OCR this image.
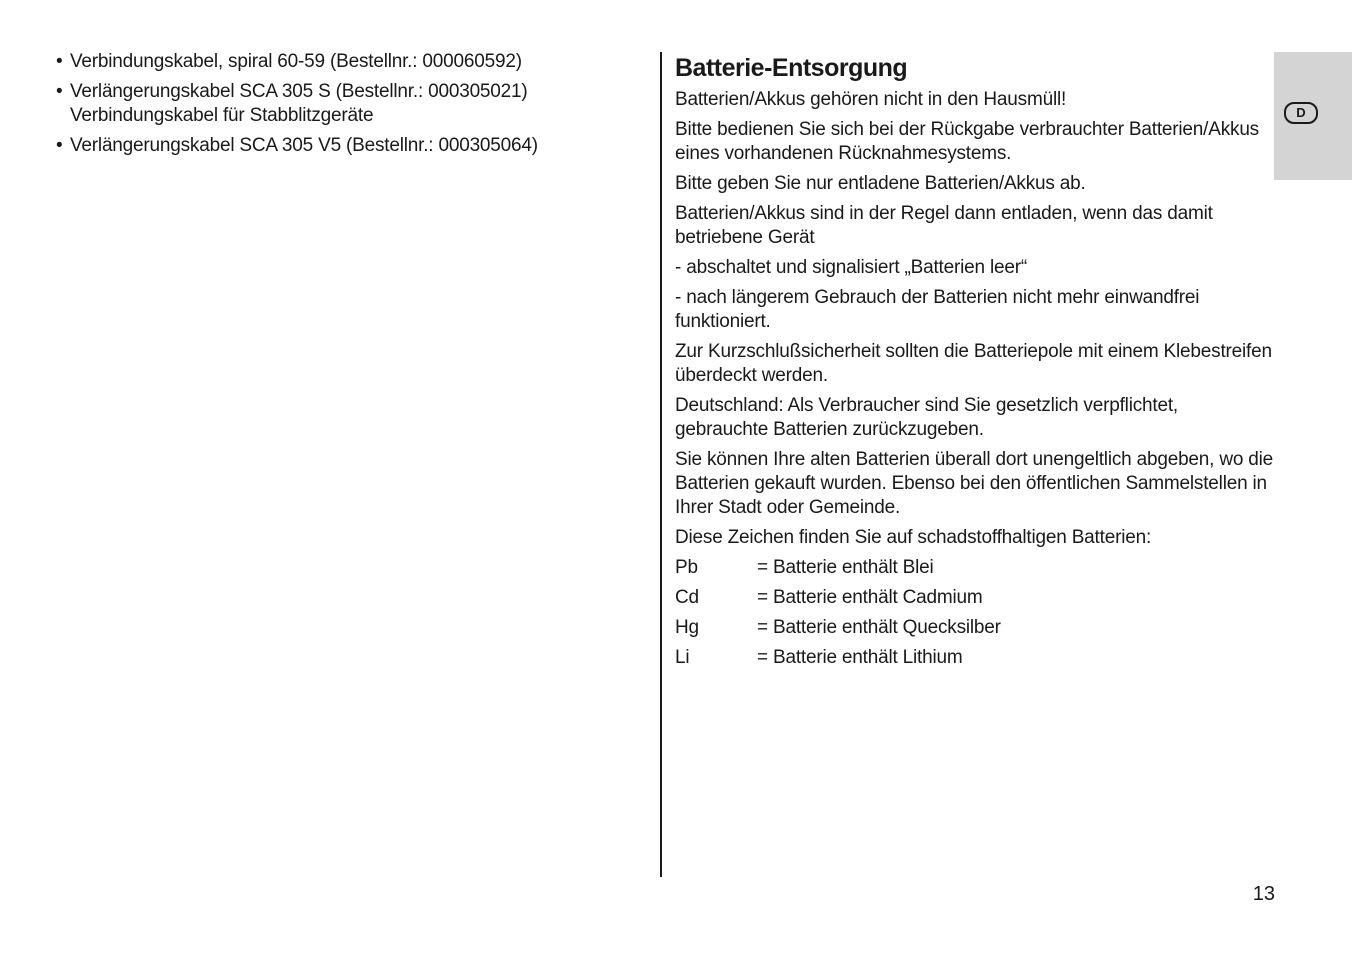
• Verbindungskabel, spiral 60-59 (Bestellnr.: 000060592)
• Verlängerungskabel SCA 305 S (Bestellnr.: 000305021)
Verbindungskabel für Stabblitzgeräte
• Verlängerungskabel SCA 305 V5 (Bestellnr.: 000305064)
Batterie-Entsorgung

Batterien/Akkus gehören nicht in den Hausmüll!

Bitte bedienen Sie sich bei der Rückgabe verbrauchter Batterien/Akkus eines vorhandenen Rücknahmesystems.

Bitte geben Sie nur entladene Batterien/Akkus ab.

Batterien/Akkus sind in der Regel dann entladen, wenn das damit betriebene Gerät

- abschaltet und signalisiert „Batterien leer“

- nach längerem Gebrauch der Batterien nicht mehr einwandfrei funktioniert.

Zur Kurzschlußsicherheit sollten die Batteriepole mit einem Klebestreifen überdeckt werden.

Deutschland: Als Verbraucher sind Sie gesetzlich verpflichtet, gebrauchte Batterien zurückzugeben.

Sie können Ihre alten Batterien überall dort unengeltlich abgeben, wo die Batterien gekauft wurden. Ebenso bei den öffentlichen Sammelstellen in Ihrer Stadt oder Gemeinde.

Diese Zeichen finden Sie auf schadstoffhaltigen Batterien:

Pb	= Batterie enthält Blei
Cd	= Batterie enthält Cadmium
Hg	= Batterie enthält Quecksilber
Li	= Batterie enthält Lithium
D
13
